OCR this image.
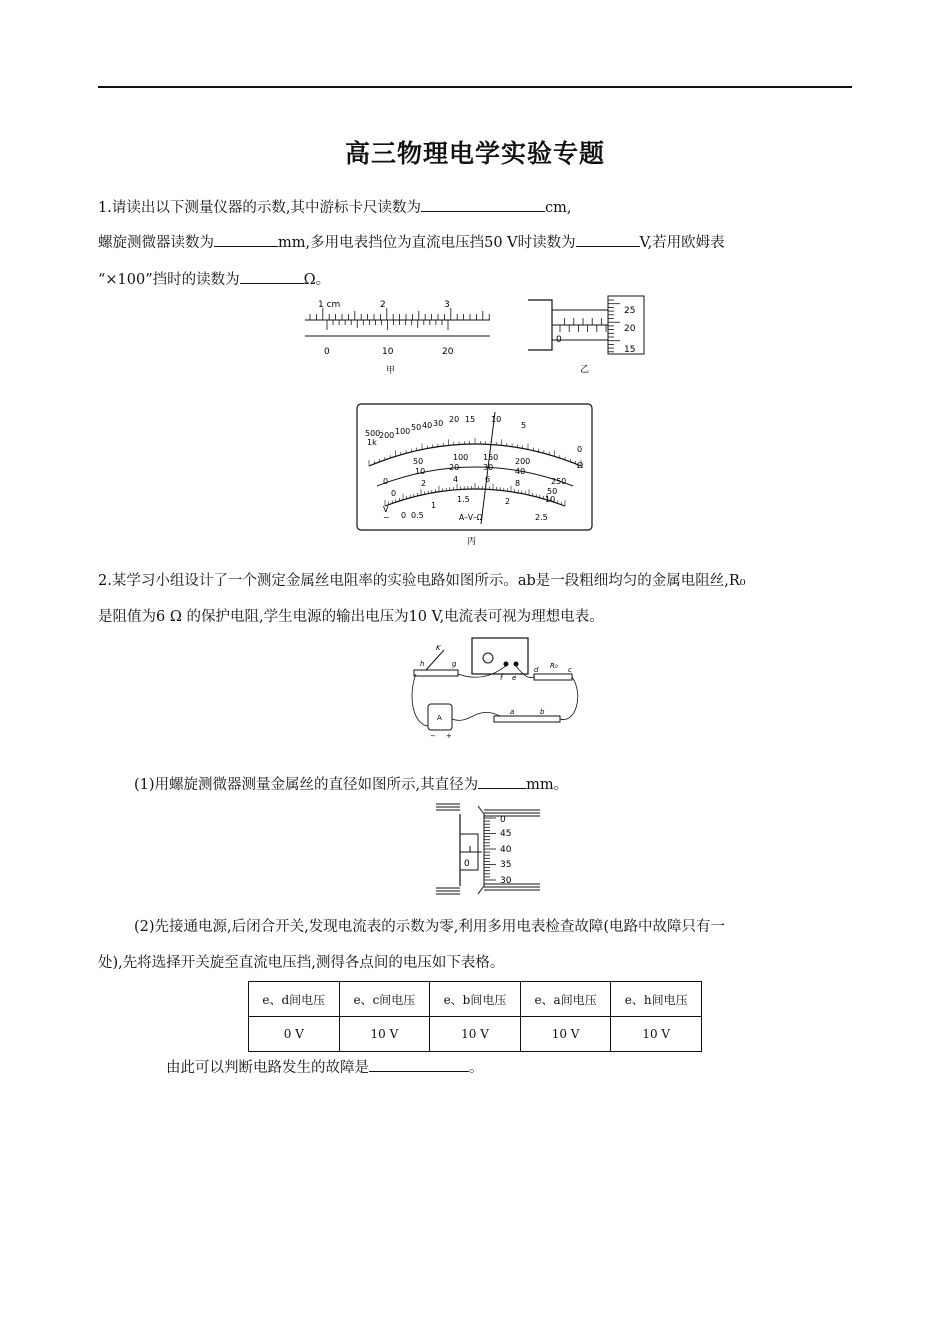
高三物理电学实验专题
1.请读出以下测量仪器的示数,其中游标卡尺读数为	cm,
螺旋测微器读数为	mm,多用电表挡位为直流电压挡50 V时读数为	V,若用欧姆表
“×100”挡时的读数为	Ω。
1 cm	2	3
0	10	20
甲
0
25
20
15
乙
500
1k
200 100 50 40 30 20 15 10
5
0
Ω
50	100 150 200
250
0
10	20	30	40
50
0
2	4	6	8
10
0 0.5
1
1.5	2
2.5
V
~	A–V–Ω
丙
2.某学习小组设计了一个测定金属丝电阻率的实验电路如图所示。ab是一段粗细均匀的金属电阻丝,R₀
是阻值为6 Ω 的保护电阻,学生电源的输出电压为10 V,电流表可视为理想电表。
K
h	g
f e
d R₀ c
a	b
A
− +
(1)用螺旋测微器测量金属丝的直径如图所示,其直径为	mm。
0
0
45
40
35
30
(2)先接通电源,后闭合开关,发现电流表的示数为零,利用多用电表检查故障(电路中故障只有一
处),先将选择开关旋至直流电压挡,测得各点间的电压如下表格。
e、d间电压	e、c间电压	e、b间电压	e、a间电压	e、h间电压
0 V	10 V	10 V	10 V	10 V
由此可以判断电路发生的故障是	。
